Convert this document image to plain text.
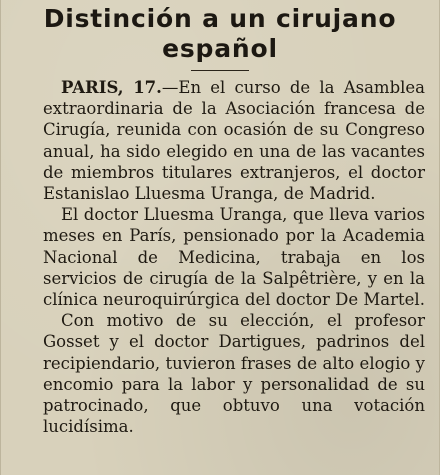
Distinción a un cirujano
español

PARIS, 17.—En el curso de la Asamblea extraordinaria de la Asociación francesa de Cirugía, reunida con ocasión de su Congreso anual, ha sido elegido en una de las vacantes de miembros titulares extranjeros, el doctor Estanislao Lluesma Uranga, de Madrid.

El doctor Lluesma Uranga, que lleva varios meses en París, pensionado por la Academia Nacional de Medicina, trabaja en los servicios de cirugía de la Salpêtrière, y en la clínica neuroquirúrgica del doctor De Martel.

Con motivo de su elección, el profesor Gosset y el doctor Dartigues, padrinos del recipiendario, tuvieron frases de alto elogio y encomio para la labor y personalidad de su patrocinado, que obtuvo una votación lucidísima.
